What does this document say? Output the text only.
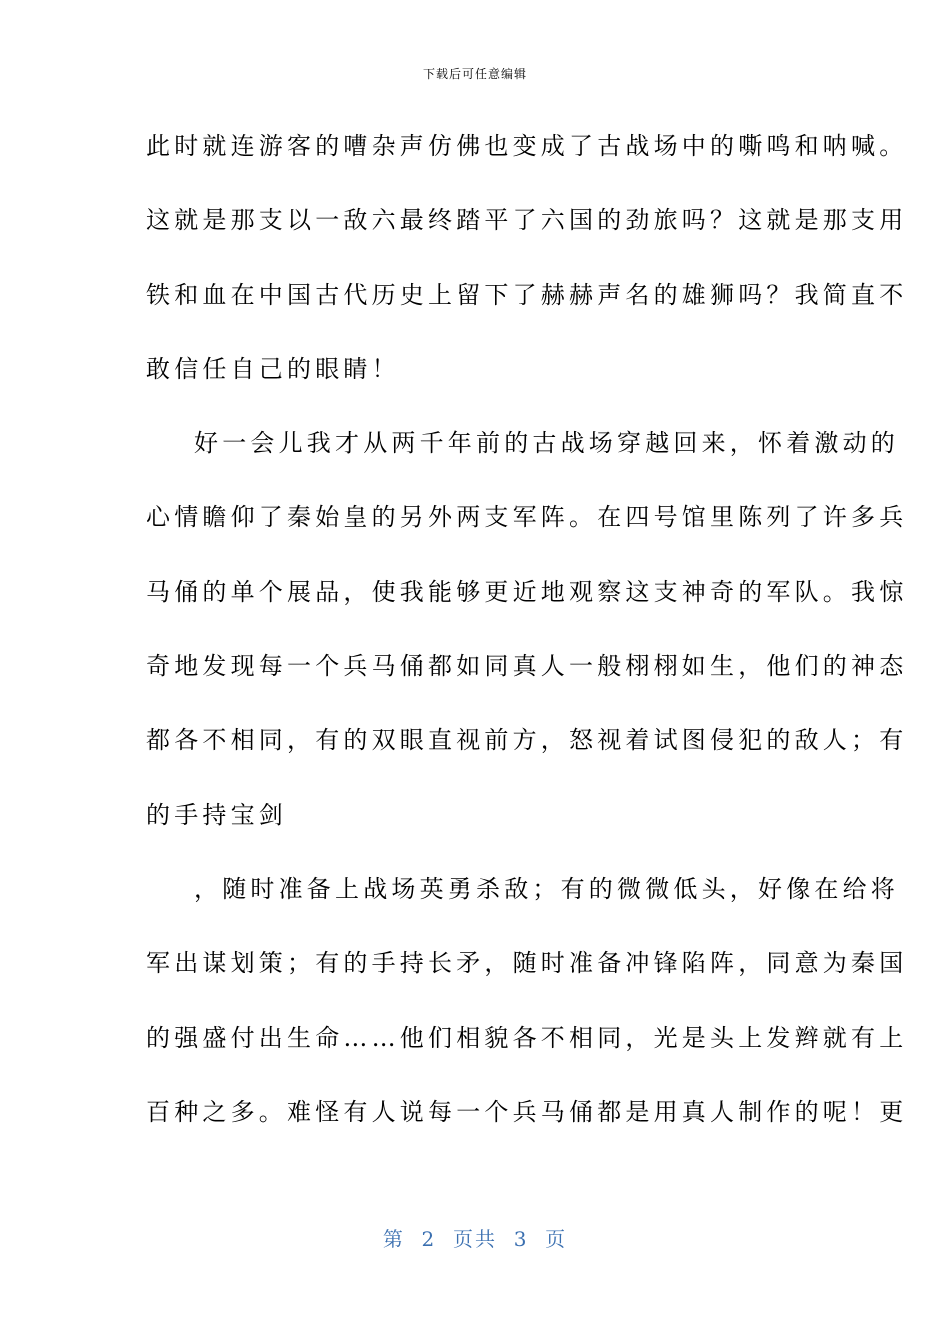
下载后可任意编辑
此时就连游客的嘈杂声仿佛也变成了古战场中的嘶鸣和呐喊。
这就是那支以一敌六最终踏平了六国的劲旅吗？这就是那支用
铁和血在中国古代历史上留下了赫赫声名的雄狮吗？我简直不
敢信任自己的眼睛！
好一会儿我才从两千年前的古战场穿越回来，怀着激动的
心情瞻仰了秦始皇的另外两支军阵。在四号馆里陈列了许多兵
马俑的单个展品，使我能够更近地观察这支神奇的军队。我惊
奇地发现每一个兵马俑都如同真人一般栩栩如生，他们的神态
都各不相同，有的双眼直视前方，怒视着试图侵犯的敌人；有
的手持宝剑
，随时准备上战场英勇杀敌；有的微微低头，好像在给将
军出谋划策；有的手持长矛，随时准备冲锋陷阵，同意为秦国
的强盛付出生命……他们相貌各不相同，光是头上发辫就有上
百种之多。难怪有人说每一个兵马俑都是用真人制作的呢！更
第  2  页共  3  页
